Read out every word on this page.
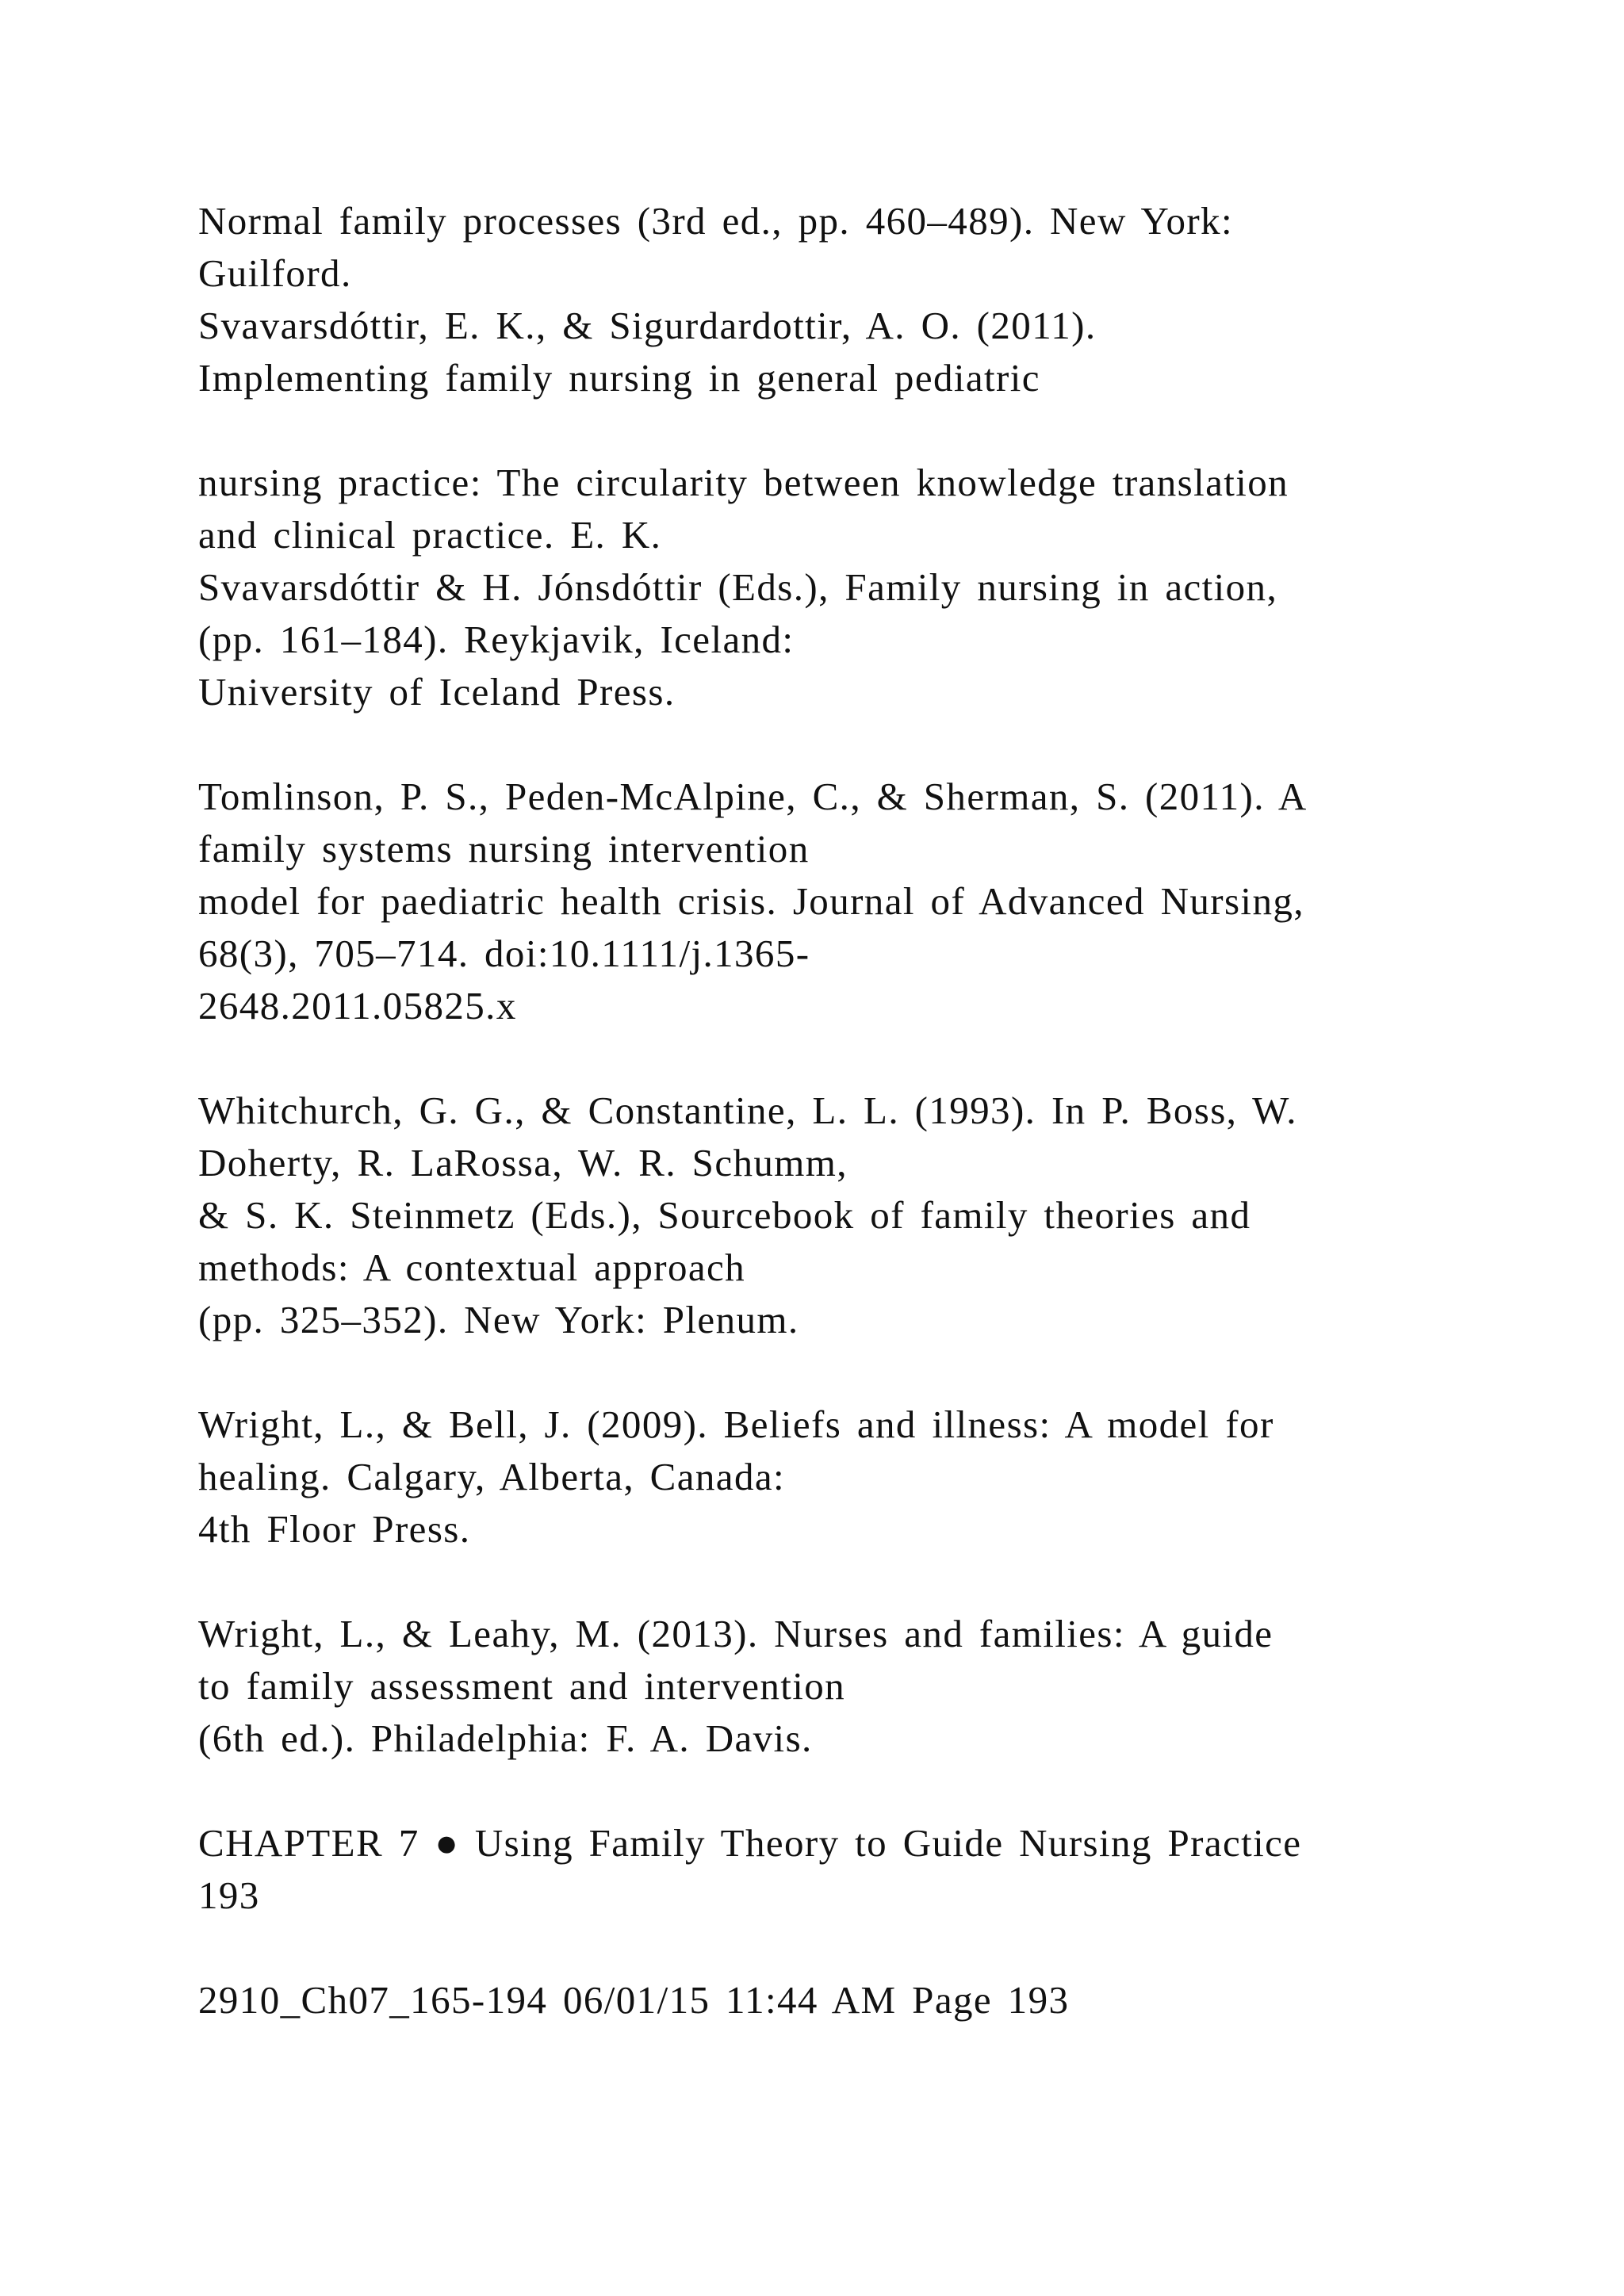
Normal family processes (3rd ed., pp. 460–489). New York:
Guilford.
Svavarsdóttir, E. K., & Sigurdardottir, A. O. (2011).
Implementing family nursing in general pediatric
nursing practice: The circularity between knowledge translation
and clinical practice. E. K.
Svavarsdóttir & H. Jónsdóttir (Eds.), Family nursing in action,
(pp. 161–184). Reykjavik, Iceland:
University of Iceland Press.
Tomlinson, P. S., Peden-McAlpine, C., & Sherman, S. (2011). A
family systems nursing intervention
model for paediatric health crisis. Journal of Advanced Nursing,
68(3), 705–714. doi:10.1111/j.1365-
2648.2011.05825.x
Whitchurch, G. G., & Constantine, L. L. (1993). In P. Boss, W.
Doherty, R. LaRossa, W. R. Schumm,
& S. K. Steinmetz (Eds.), Sourcebook of family theories and
methods: A contextual approach
(pp. 325–352). New York: Plenum.
Wright, L., & Bell, J. (2009). Beliefs and illness: A model for
healing. Calgary, Alberta, Canada:
4th Floor Press.
Wright, L., & Leahy, M. (2013). Nurses and families: A guide
to family assessment and intervention
(6th ed.). Philadelphia: F. A. Davis.
CHAPTER 7 ● Using Family Theory to Guide Nursing Practice
193
2910_Ch07_165-194 06/01/15 11:44 AM Page 193
